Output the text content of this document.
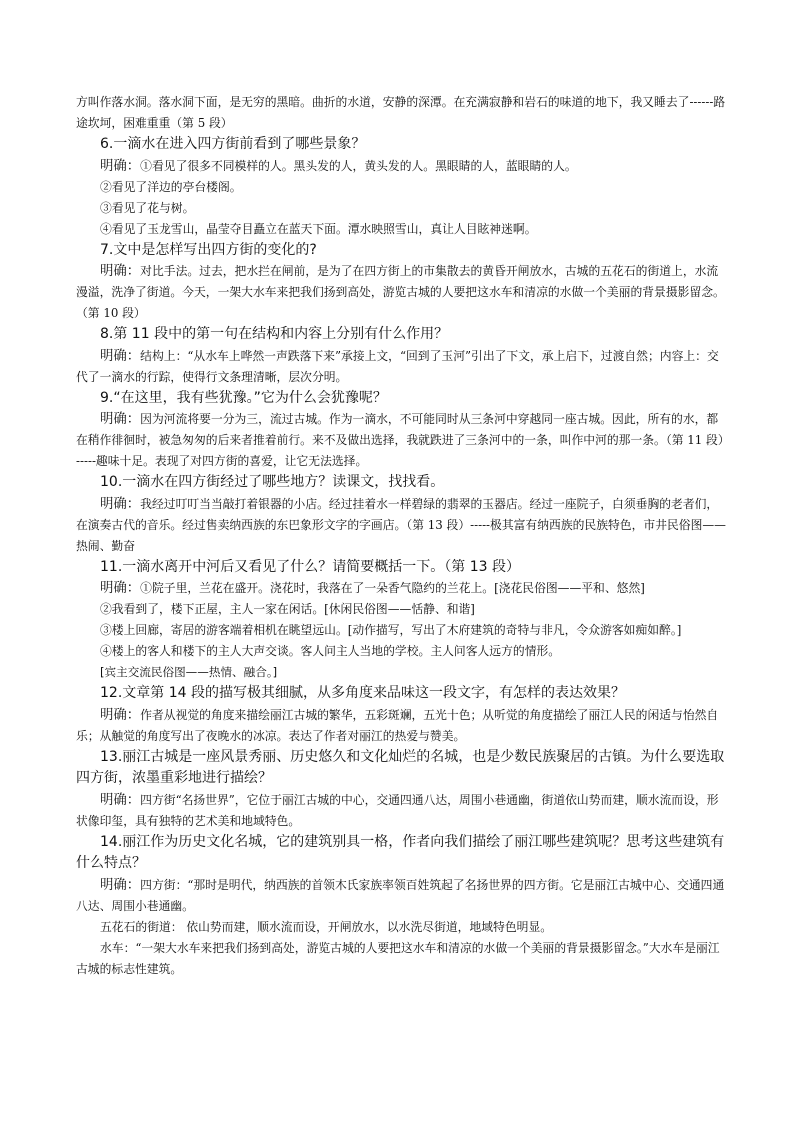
方叫作落水洞。落水洞下面，是无穷的黑暗。曲折的水道，安静的深潭。在充满寂静和岩石的味道的地下，我又睡去了------路途坎坷，困难重重（第 5 段）

6.一滴水在进入四方街前看到了哪些景象？

明确：①看见了很多不同模样的人。黑头发的人，黄头发的人。黑眼睛的人，蓝眼睛的人。

②看见了洋边的亭台楼阁。

③看见了花与树。

④看见了玉龙雪山，晶莹夺目矗立在蓝天下面。潭水映照雪山，真让人目眩神迷啊。

7.文中是怎样写出四方街的变化的?

明确：对比手法。过去，把水拦在闸前，是为了在四方街上的市集散去的黄昏开闸放水，古城的五花石的街道上，水流漫溢，洗净了街道。今天，一架大水车来把我们扬到高处，游览古城的人要把这水车和清凉的水做一个美丽的背景摄影留念。（第 10 段）

8.第 11 段中的第一句在结构和内容上分别有什么作用？

明确：结构上：“从水车上哗然一声跌落下来”承接上文，“回到了玉河”引出了下文，承上启下，过渡自然；内容上：交代了一滴水的行踪，使得行文条理清晰，层次分明。

9.“在这里，我有些犹豫。”它为什么会犹豫呢？

明确：因为河流将要一分为三，流过古城。作为一滴水，不可能同时从三条河中穿越同一座古城。因此，所有的水，都在稍作徘徊时，被急匆匆的后来者推着前行。来不及做出选择，我就跌进了三条河中的一条，叫作中河的那一条。（第 11 段）-----趣味十足。表现了对四方街的喜爱，让它无法选择。

10.一滴水在四方街经过了哪些地方？读课文，找找看。

明确：我经过叮叮当当敲打着银器的小店。经过挂着水一样碧绿的翡翠的玉器店。经过一座院子，白须垂胸的老者们，在演奏古代的音乐。经过售卖纳西族的东巴象形文字的字画店。（第 13 段）-----极其富有纳西族的民族特色，市井民俗图——热闹、勤奋

11.一滴水离开中河后又看见了什么？请简要概括一下。（第 13 段）

明确：①院子里，兰花在盛开。浇花时，我落在了一朵香气隐约的兰花上。[浇花民俗图——平和、悠然]

②我看到了，楼下正屋，主人一家在闲话。[休闲民俗图——恬静、和谐]

③楼上回廊，寄居的游客端着相机在眺望远山。[动作描写，写出了木府建筑的奇特与非凡，令众游客如痴如醉。]

④楼上的客人和楼下的主人大声交谈。客人问主人当地的学校。主人问客人远方的情形。

[宾主交流民俗图——热情、融合。]

12.文章第 14 段的描写极其细腻，从多角度来品味这一段文字，有怎样的表达效果？

明确：作者从视觉的角度来描绘丽江古城的繁华，五彩斑斓，五光十色；从听觉的角度描绘了丽江人民的闲适与怡然自乐；从触觉的角度写出了夜晚水的冰凉。表达了作者对丽江的热爱与赞美。

13.丽江古城是一座风景秀丽、历史悠久和文化灿烂的名城，也是少数民族聚居的古镇。为什么要选取四方街，浓墨重彩地进行描绘？

明确：四方街“名扬世界”，它位于丽江古城的中心，交通四通八达，周围小巷通幽，街道依山势而建，顺水流而设，形状像印玺，具有独特的艺术美和地域特色。

14.丽江作为历史文化名城，它的建筑别具一格，作者向我们描绘了丽江哪些建筑呢？思考这些建筑有什么特点？

明确：四方街：“那时是明代，纳西族的首领木氏家族率领百姓筑起了名扬世界的四方街。它是丽江古城中心、交通四通八达、周围小巷通幽。

五花石的街道： 依山势而建，顺水流而设，开闸放水，以水洗尽街道，地域特色明显。

水车：“一架大水车来把我们扬到高处，游览古城的人要把这水车和清凉的水做一个美丽的背景摄影留念。”大水车是丽江古城的标志性建筑。
